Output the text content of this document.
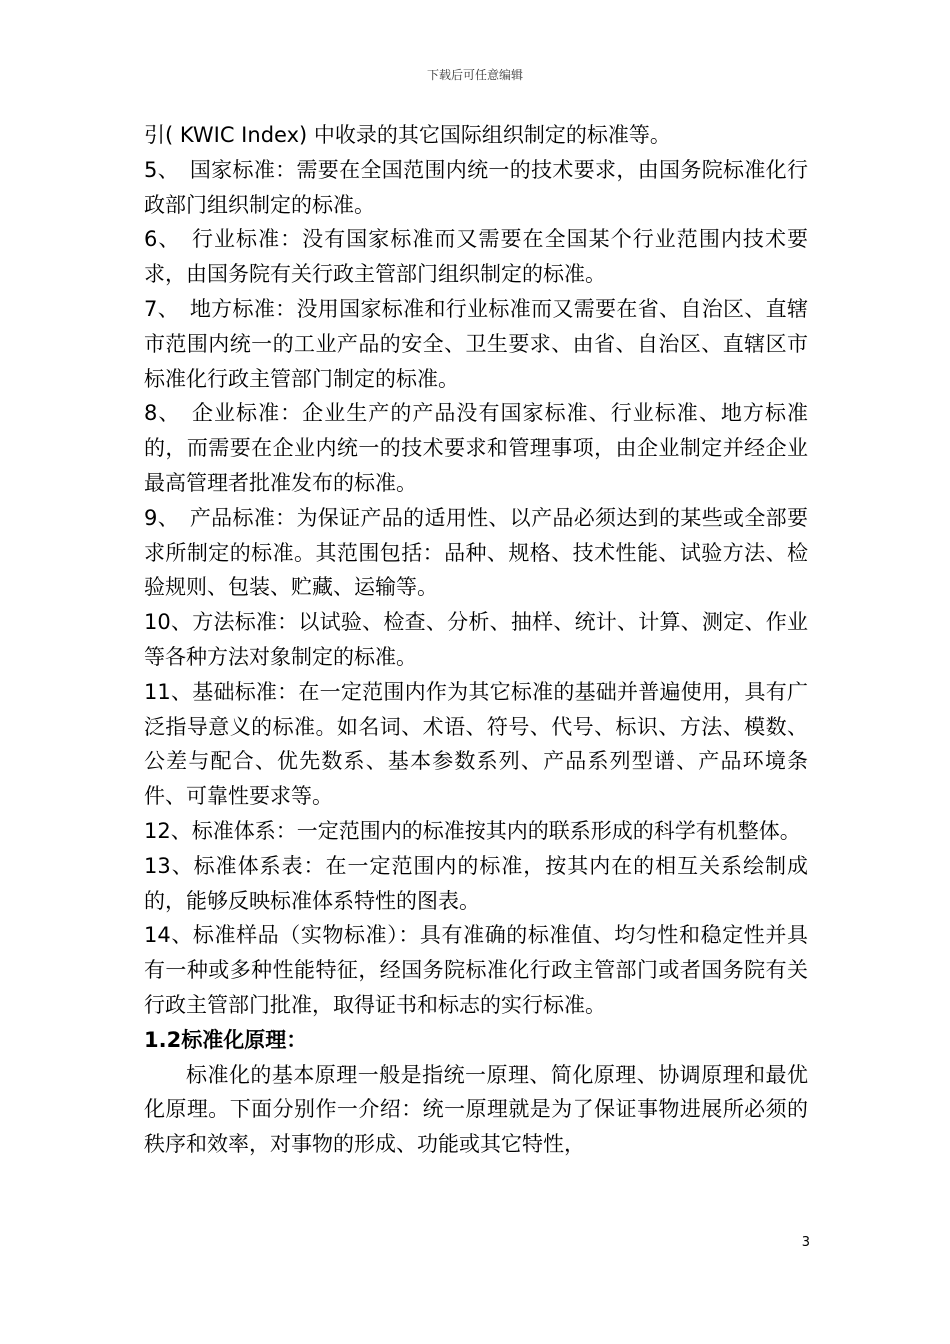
下载后可任意编辑

引( KWIC Index) 中收录的其它国际组织制定的标准等。

5、　国家标准：需要在全国范围内统一的技术要求，由国务院标准化行政部门组织制定的标准。

6、　行业标准：没有国家标准而又需要在全国某个行业范围内技术要求，由国务院有关行政主管部门组织制定的标准。

7、　地方标准：没用国家标准和行业标准而又需要在省、自治区、直辖市范围内统一的工业产品的安全、卫生要求、由省、自治区、直辖区市标准化行政主管部门制定的标准。

8、　企业标准：企业生产的产品没有国家标准、行业标准、地方标准的，而需要在企业内统一的技术要求和管理事项，由企业制定并经企业最高管理者批准发布的标准。

9、　产品标准：为保证产品的适用性、以产品必须达到的某些或全部要求所制定的标准。其范围包括：品种、规格、技术性能、试验方法、检验规则、包装、贮藏、运输等。

10、方法标准：以试验、检查、分析、抽样、统计、计算、测定、作业等各种方法对象制定的标准。

11、基础标准：在一定范围内作为其它标准的基础并普遍使用，具有广泛指导意义的标准。如名词、术语、符号、代号、标识、方法、模数、公差与配合、优先数系、基本参数系列、产品系列型谱、产品环境条件、可靠性要求等。

12、标准体系：一定范围内的标准按其内的联系形成的科学有机整体。

13、标准体系表：在一定范围内的标准，按其内在的相互关系绘制成的，能够反映标准体系特性的图表。

14、标准样品（实物标准）：具有准确的标准值、均匀性和稳定性并具有一种或多种性能特征，经国务院标准化行政主管部门或者国务院有关行政主管部门批准，取得证书和标志的实行标准。

1.2标准化原理：

标准化的基本原理一般是指统一原理、简化原理、协调原理和最优化原理。下面分别作一介绍：统一原理就是为了保证事物进展所必须的秩序和效率，对事物的形成、功能或其它特性，

3
